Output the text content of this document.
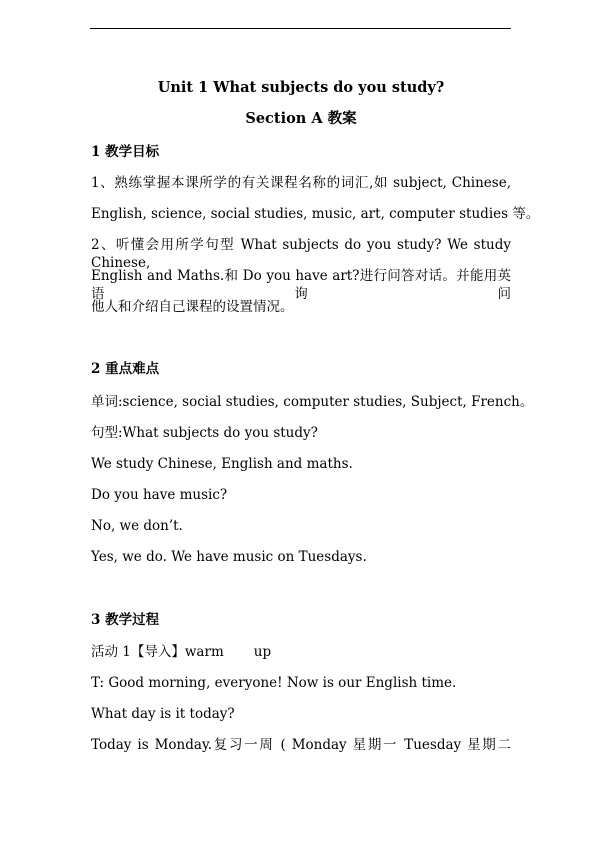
Unit 1 What subjects do you study?
Section A 教案
1 教学目标
1、熟练掌握本课所学的有关课程名称的词汇,如 subject, Chinese,
English, science, social studies, music, art, computer studies 等。
2、听懂会用所学句型 What subjects do you study? We study Chinese,
English and Maths.和 Do you have art?进行问答对话。并能用英语询问
他人和介绍自己课程的设置情况。
2 重点难点
单词:science, social studies, computer studies, Subject, French。
句型:What subjects do you study?
We study Chinese, English and maths.
Do you have music?
No, we don’t.
Yes, we do. We have music on Tuesdays.
3 教学过程
活动 1【导入】warm up
T: Good morning, everyone! Now is our English time.
What day is it today?
Today is Monday.复习一周 ( Monday 星期一 Tuesday 星期二
